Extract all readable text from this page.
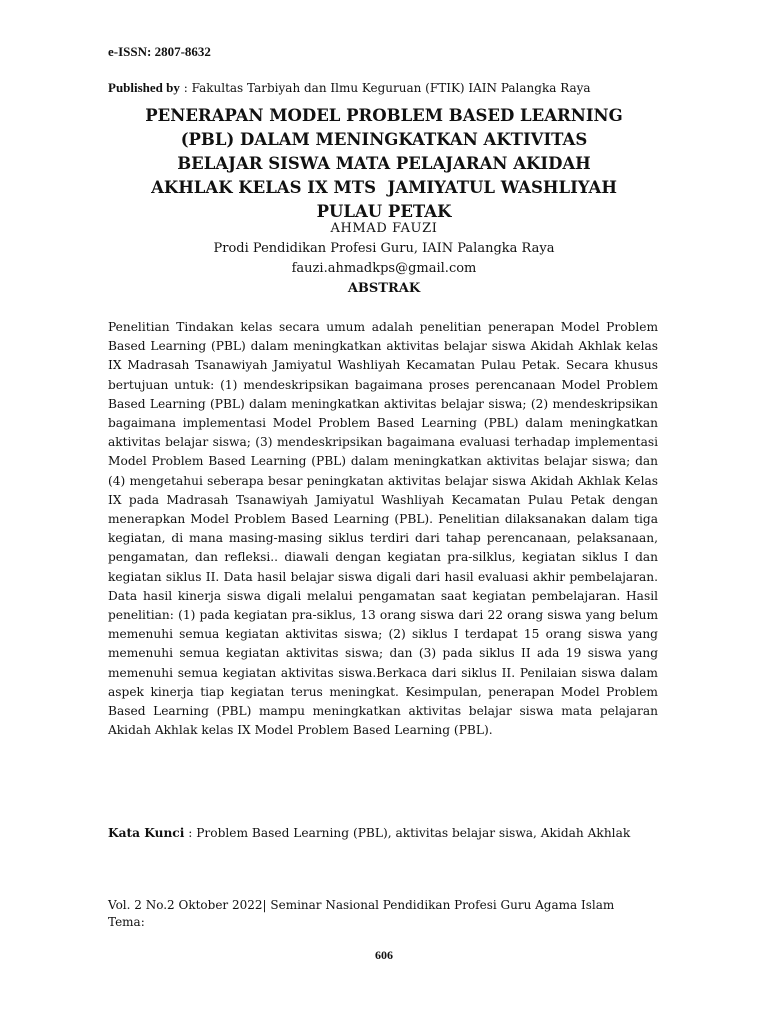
e-ISSN: 2807-8632
Published by : Fakultas Tarbiyah dan Ilmu Keguruan (FTIK) IAIN Palangka Raya
PENERAPAN MODEL PROBLEM BASED LEARNING
(PBL) DALAM MENINGKATKAN AKTIVITAS
BELAJAR SISWA MATA PELAJARAN AKIDAH
AKHLAK KELAS IX MTS  JAMIYATUL WASHLIYAH
PULAU PETAK
AHMAD FAUZI
Prodi Pendidikan Profesi Guru, IAIN Palangka Raya
fauzi.ahmadkps@gmail.com
ABSTRAK

Penelitian Tindakan kelas secara umum adalah penelitian penerapan Model Problem Based Learning (PBL) dalam meningkatkan aktivitas belajar siswa Akidah Akhlak kelas IX Madrasah Tsanawiyah Jamiyatul Washliyah Kecamatan Pulau Petak. Secara khusus bertujuan untuk: (1) mendeskripsikan bagaimana proses perencanaan Model Problem Based Learning (PBL) dalam meningkatkan aktivitas belajar siswa; (2) mendeskripsikan bagaimana implementasi Model Problem Based Learning (PBL) dalam meningkatkan aktivitas belajar siswa; (3) mendeskripsikan bagaimana evaluasi terhadap implementasi Model Problem Based Learning (PBL) dalam meningkatkan aktivitas belajar siswa; dan (4) mengetahui seberapa besar peningkatan aktivitas belajar siswa Akidah Akhlak Kelas IX pada Madrasah Tsanawiyah Jamiyatul Washliyah Kecamatan Pulau Petak dengan menerapkan Model Problem Based Learning (PBL). Penelitian dilaksanakan dalam tiga kegiatan, di mana masing-masing siklus terdiri dari tahap perencanaan, pelaksanaan, pengamatan, dan refleksi.. diawali dengan kegiatan pra-silklus, kegiatan siklus I dan kegiatan siklus II. Data hasil belajar siswa digali dari hasil evaluasi akhir pembelajaran. Data hasil kinerja siswa digali melalui pengamatan saat kegiatan pembelajaran. Hasil penelitian: (1) pada kegiatan pra-siklus, 13 orang siswa dari 22 orang siswa yang belum memenuhi semua kegiatan aktivitas siswa; (2) siklus I terdapat 15 orang siswa yang memenuhi semua kegiatan aktivitas siswa; dan (3) pada siklus II ada 19 siswa yang memenuhi semua kegiatan aktivitas siswa.Berkaca dari siklus II. Penilaian siswa dalam aspek kinerja tiap kegiatan terus meningkat. Kesimpulan, penerapan Model Problem Based Learning (PBL) mampu meningkatkan aktivitas belajar siswa mata pelajaran Akidah Akhlak kelas IX Model Problem Based Learning (PBL).

Kata Kunci : Problem Based Learning (PBL), aktivitas belajar siswa, Akidah Akhlak

Vol. 2 No.2 Oktober 2022| Seminar Nasional Pendidikan Profesi Guru Agama Islam
Tema:
606
